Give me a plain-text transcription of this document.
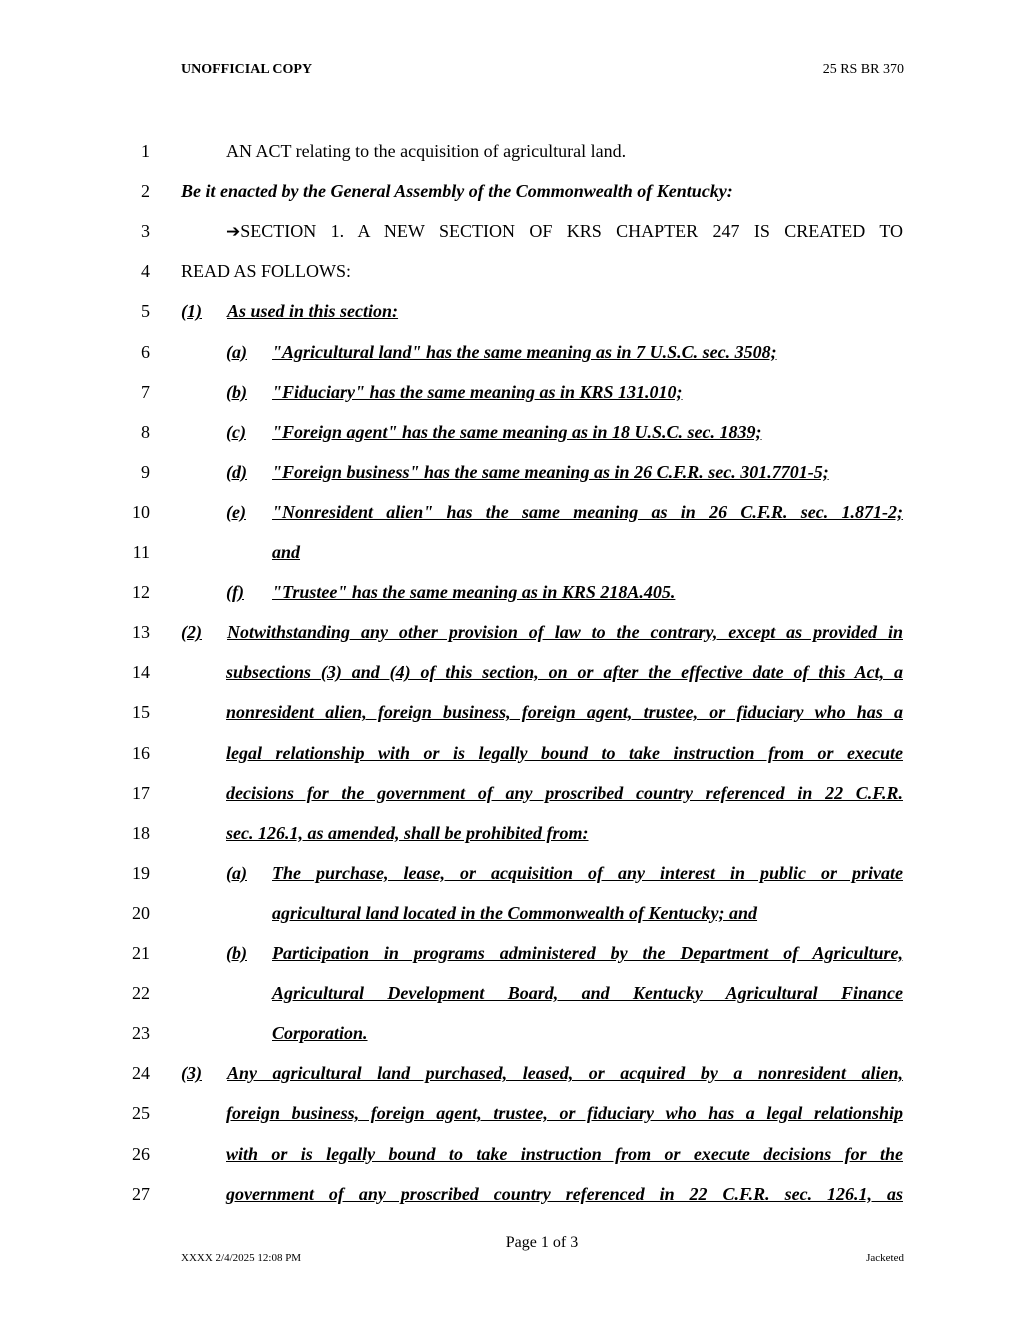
UNOFFICIAL COPY	25 RS BR 370
1	AN ACT relating to the acquisition of agricultural land.
2 Be it enacted by the General Assembly of the Commonwealth of Kentucky:
3	➔SECTION 1. A NEW SECTION OF KRS CHAPTER 247 IS CREATED TO
4 READ AS FOLLOWS:
5 (1) As used in this section:
6	(a) "Agricultural land" has the same meaning as in 7 U.S.C. sec. 3508;
7	(b) "Fiduciary" has the same meaning as in KRS 131.010;
8	(c) "Foreign agent" has the same meaning as in 18 U.S.C. sec. 1839;
9	(d) "Foreign business" has the same meaning as in 26 C.F.R. sec. 301.7701-5;
10	(e) "Nonresident alien" has the same meaning as in 26 C.F.R. sec. 1.871-2;
11	and
12	(f) "Trustee" has the same meaning as in KRS 218A.405.
13 (2) Notwithstanding any other provision of law to the contrary, except as provided in
14	subsections (3) and (4) of this section, on or after the effective date of this Act, a
15	nonresident alien, foreign business, foreign agent, trustee, or fiduciary who has a
16	legal relationship with or is legally bound to take instruction from or execute
17	decisions for the government of any proscribed country referenced in 22 C.F.R.
18	sec. 126.1, as amended, shall be prohibited from:
19	(a) The purchase, lease, or acquisition of any interest in public or private
20	agricultural land located in the Commonwealth of Kentucky; and
21	(b) Participation in programs administered by the Department of Agriculture,
22	Agricultural Development Board, and Kentucky Agricultural Finance
23	Corporation.
24 (3) Any agricultural land purchased, leased, or acquired by a nonresident alien,
25	foreign business, foreign agent, trustee, or fiduciary who has a legal relationship
26	with or is legally bound to take instruction from or execute decisions for the
27	government of any proscribed country referenced in 22 C.F.R. sec. 126.1, as
Page 1 of 3
XXXX 2/4/2025 12:08 PM	Jacketed
